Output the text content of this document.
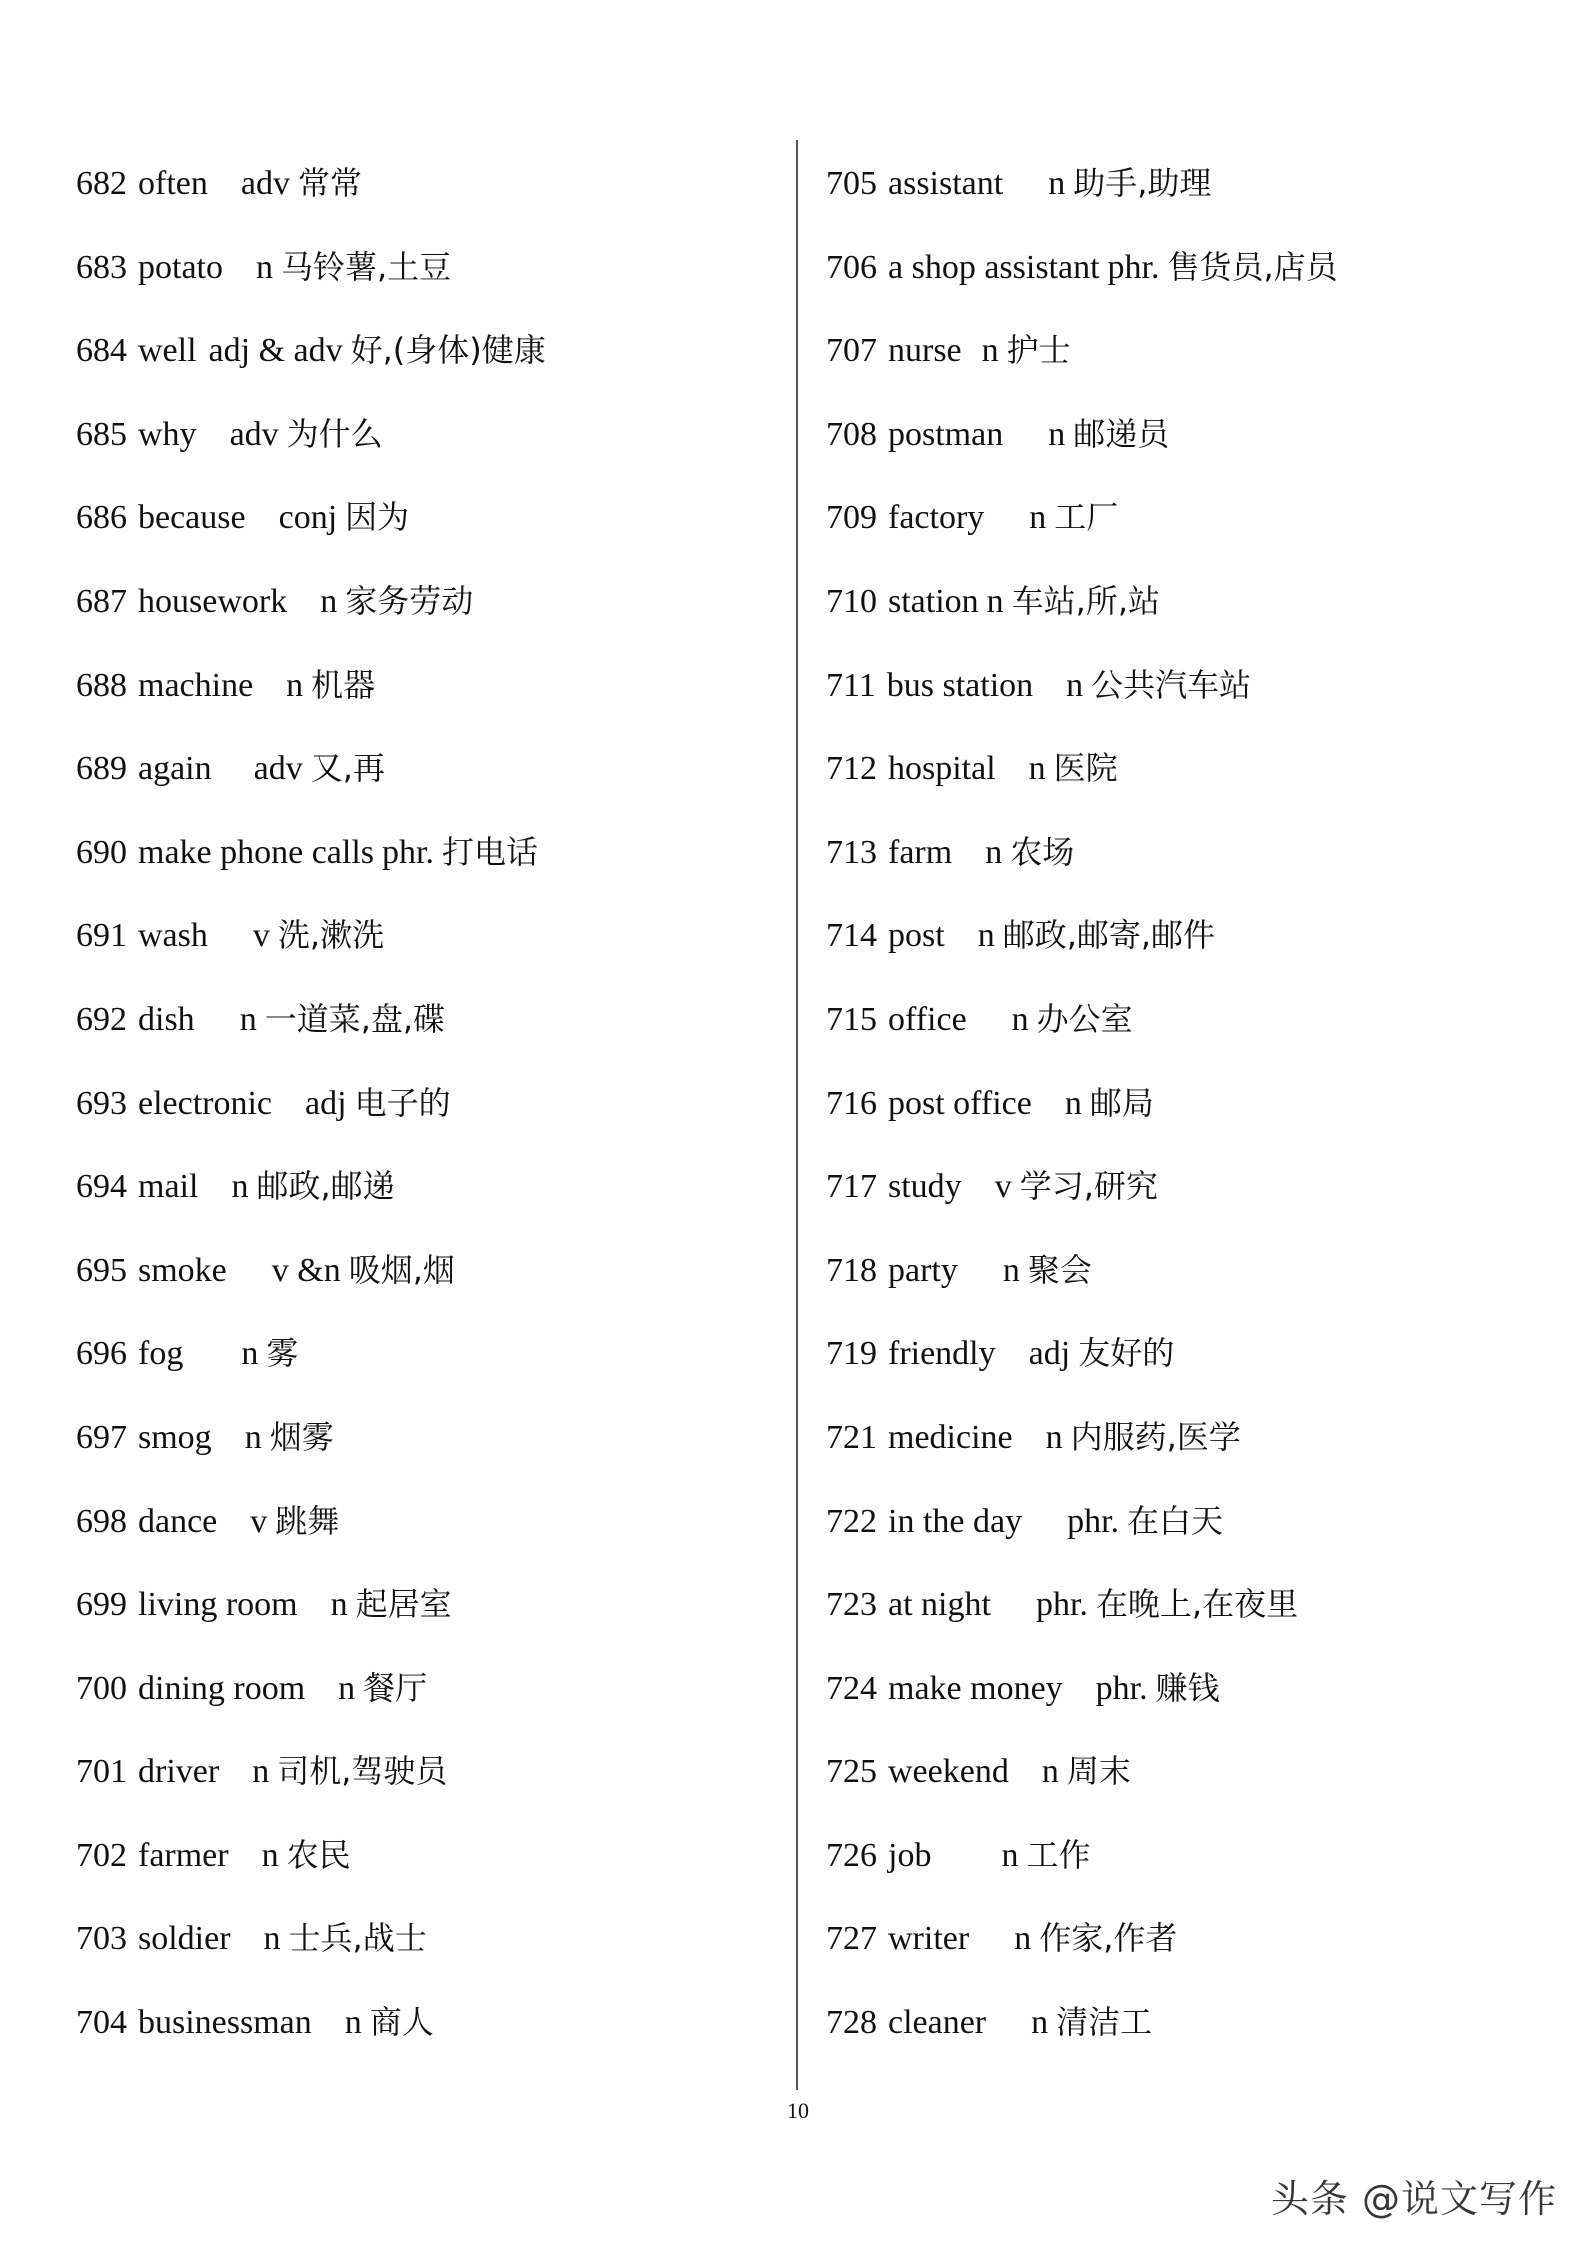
682 often adv 常常
683 potato n 马铃薯,土豆
684 well adj & adv 好,(身体)健康
685 why adv 为什么
686 because conj 因为
687 housework n 家务劳动
688 machine n 机器
689 again adv 又,再
690 make phone calls phr. 打电话
691 wash v 洗,漱洗
692 dish n 一道菜,盘,碟
693 electronic adj 电子的
694 mail n 邮政,邮递
695 smoke v &n 吸烟,烟
696 fog n 雾
697 smog n 烟雾
698 dance v 跳舞
699 living room n 起居室
700 dining room n 餐厅
701 driver n 司机,驾驶员
702 farmer n 农民
703 soldier n 士兵,战士
704 businessman n 商人
705 assistant n 助手,助理
706 a shop assistant phr. 售货员,店员
707 nurse n 护士
708 postman n 邮递员
709 factory n 工厂
710 station n 车站,所,站
711 bus station n 公共汽车站
712 hospital n 医院
713 farm n 农场
714 post n 邮政,邮寄,邮件
715 office n 办公室
716 post office n 邮局
717 study v 学习,研究
718 party n 聚会
719 friendly adj 友好的
721 medicine n 内服药,医学
722 in the day phr. 在白天
723 at night phr. 在晚上,在夜里
724 make money phr. 赚钱
725 weekend n 周末
726 job n 工作
727 writer n 作家,作者
728 cleaner n 清洁工
10
头条 @说文写作
